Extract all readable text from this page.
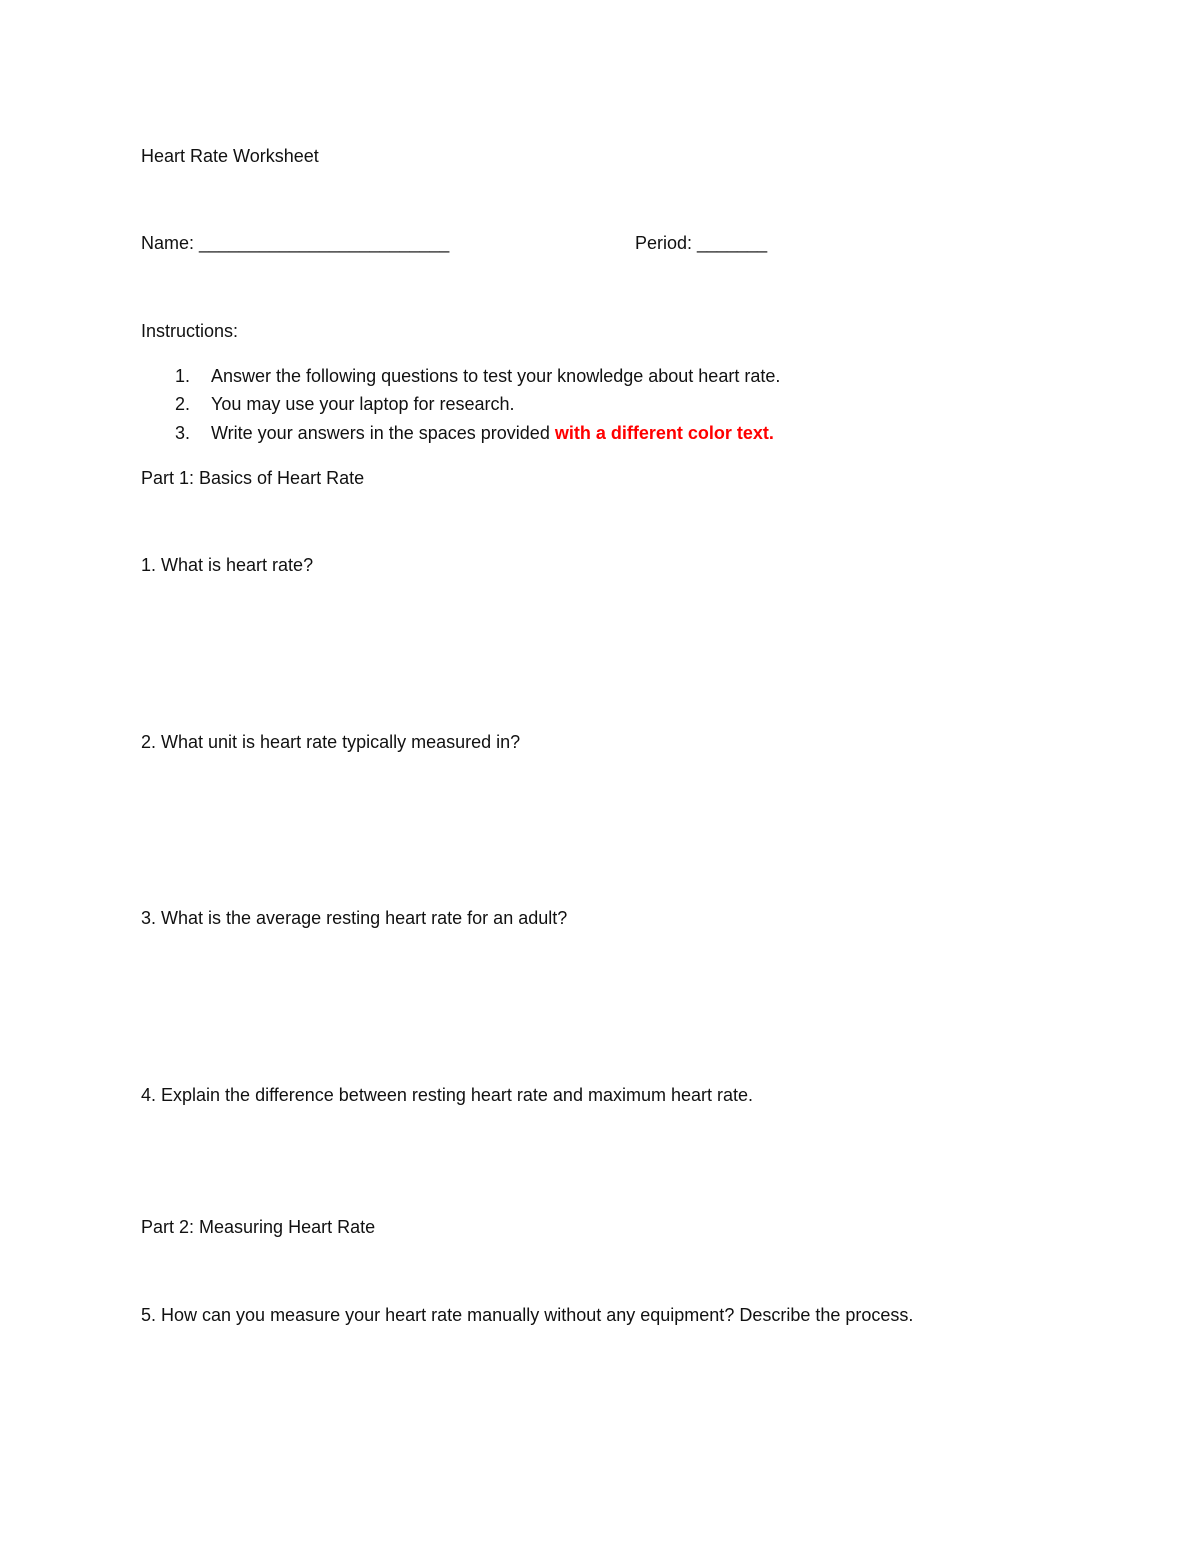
Heart Rate Worksheet
Name: _________________________	Period: _______
Instructions:
1. Answer the following questions to test your knowledge about heart rate.
2. You may use your laptop for research.
3. Write your answers in the spaces provided with a different color text.
Part 1: Basics of Heart Rate
1. What is heart rate?
2. What unit is heart rate typically measured in?
3. What is the average resting heart rate for an adult?
4. Explain the difference between resting heart rate and maximum heart rate.
Part 2: Measuring Heart Rate
5. How can you measure your heart rate manually without any equipment? Describe the process.
